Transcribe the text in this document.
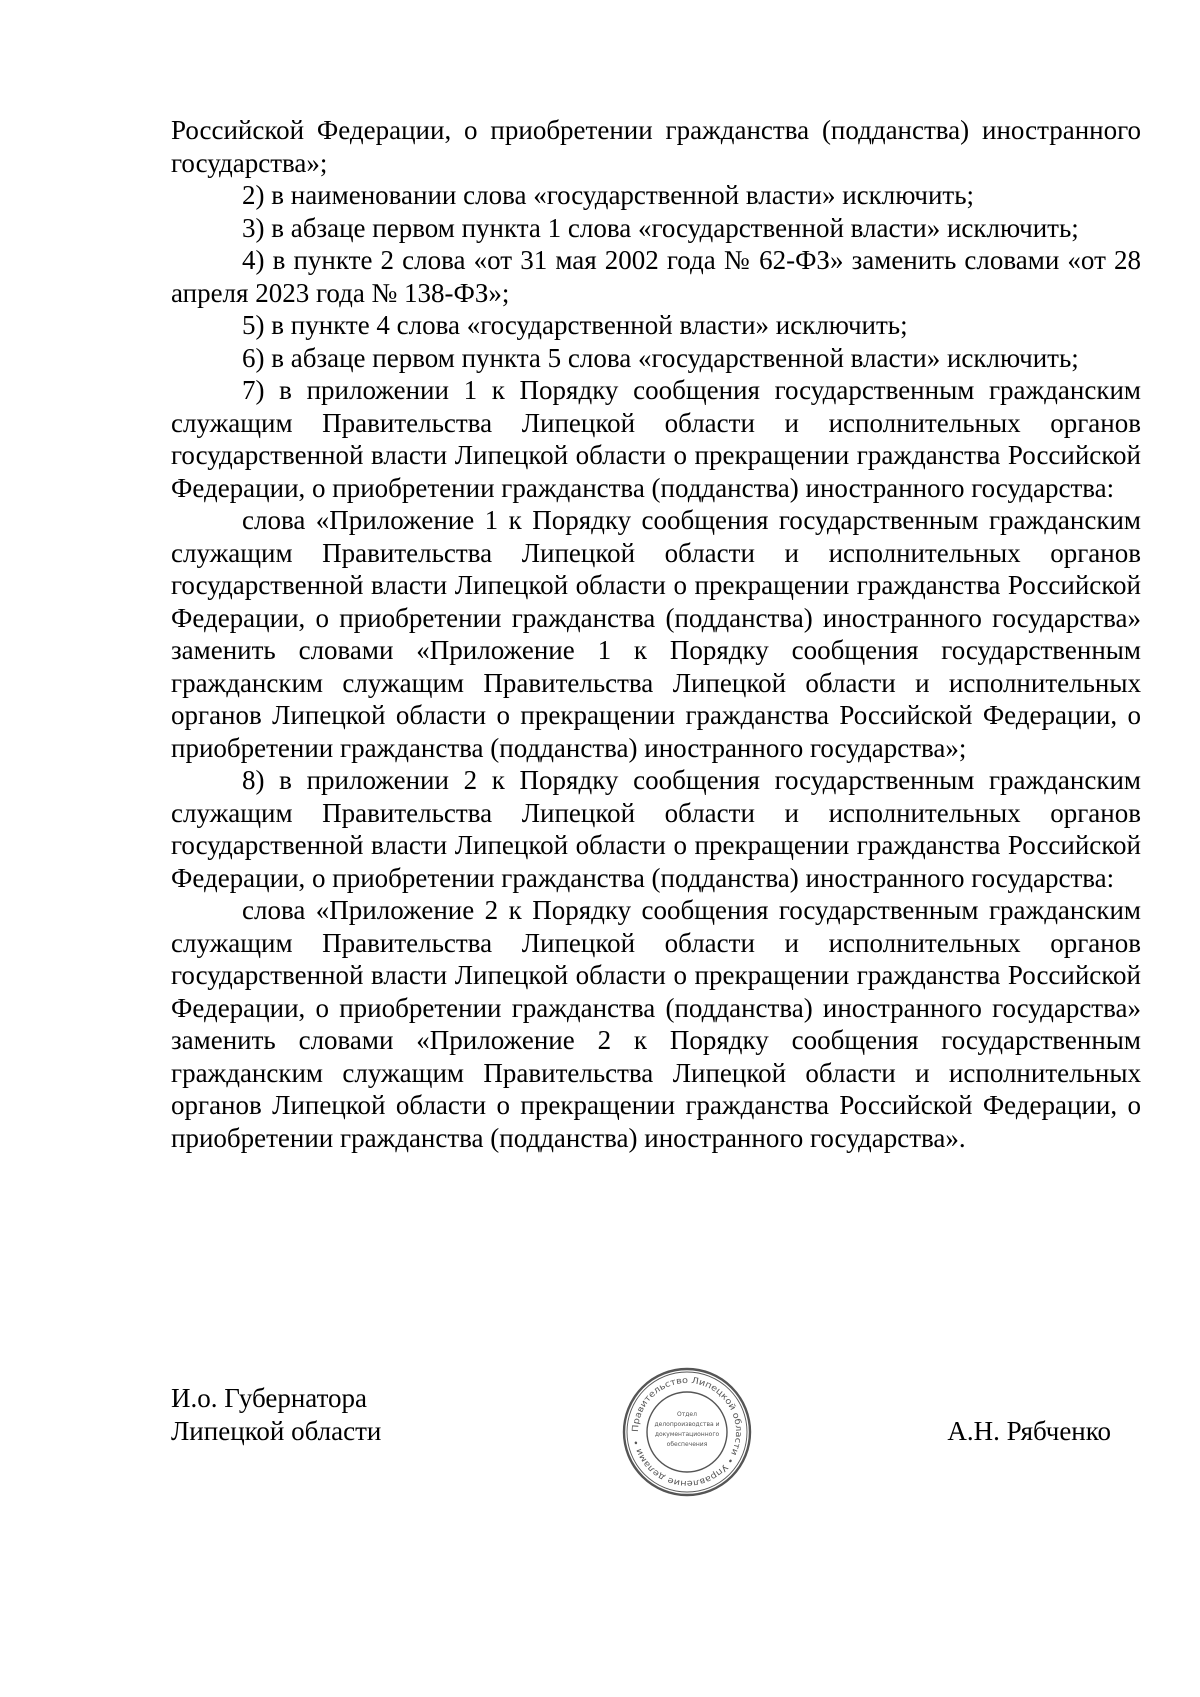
Российской Федерации, о приобретении гражданства (подданства) иностранного государства»;

2) в наименовании слова «государственной власти» исключить;

3) в абзаце первом пункта 1 слова «государственной власти» исключить;

4) в пункте 2 слова «от 31 мая 2002 года № 62-ФЗ» заменить словами «от 28 апреля 2023 года № 138-ФЗ»;

5) в пункте 4 слова «государственной власти» исключить;

6) в абзаце первом пункта 5 слова «государственной власти» исключить;

7) в приложении 1 к Порядку сообщения государственным гражданским служащим Правительства Липецкой области и исполнительных органов государственной власти Липецкой области о прекращении гражданства Российской Федерации, о приобретении гражданства (подданства) иностранного государства:

слова «Приложение 1 к Порядку сообщения государственным гражданским служащим Правительства Липецкой области и исполнительных органов государственной власти Липецкой области о прекращении гражданства Российской Федерации, о приобретении гражданства (подданства) иностранного государства» заменить словами «Приложение 1 к Порядку сообщения государственным гражданским служащим Правительства Липецкой области и исполнительных органов Липецкой области о прекращении гражданства Российской Федерации, о приобретении гражданства (подданства) иностранного государства»;

8) в приложении 2 к Порядку сообщения государственным гражданским служащим Правительства Липецкой области и исполнительных органов государственной власти Липецкой области о прекращении гражданства Российской Федерации, о приобретении гражданства (подданства) иностранного государства:

слова «Приложение 2 к Порядку сообщения государственным гражданским служащим Правительства Липецкой области и исполнительных органов государственной власти Липецкой области о прекращении гражданства Российской Федерации, о приобретении гражданства (подданства) иностранного государства» заменить словами «Приложение 2 к Порядку сообщения государственным гражданским служащим Правительства Липецкой области и исполнительных органов Липецкой области о прекращении гражданства Российской Федерации, о приобретении гражданства (подданства) иностранного государства».

И.о. Губернатора
Липецкой области	Правительство Липецкой области • Управление делами •
Отдел
делопроизводства и
документационного
обеспечения	А.Н. Рябченко
